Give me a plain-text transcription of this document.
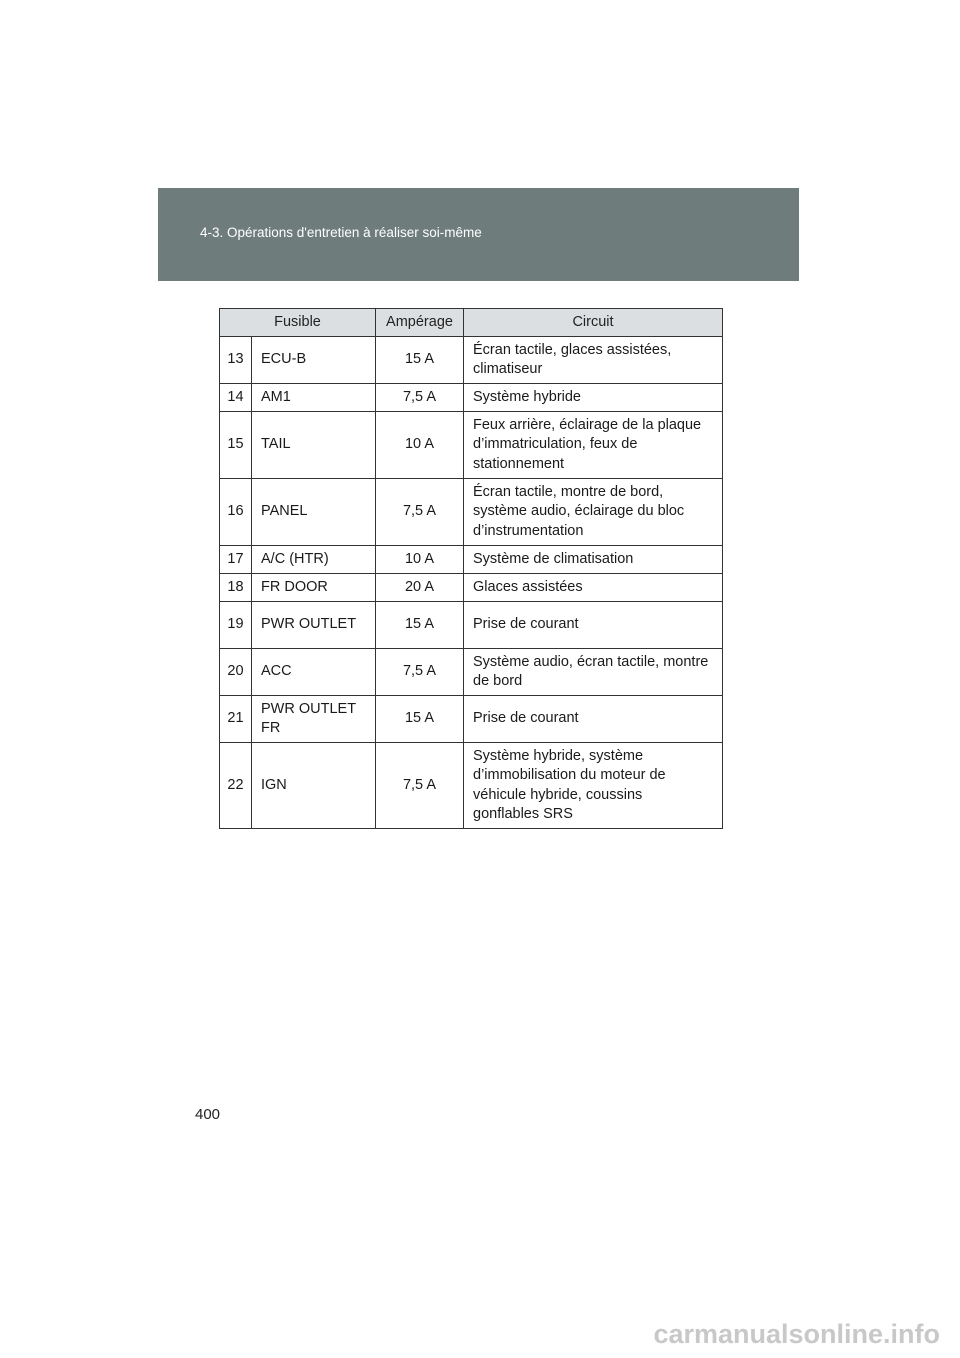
4-3. Opérations d'entretien à réaliser soi-même
Fusible		Ampérage	Circuit
13	ECU-B	15 A	Écran tactile, glaces assistées, climatiseur
14	AM1	7,5 A	Système hybride
15	TAIL	10 A	Feux arrière, éclairage de la plaque d’immatriculation, feux de stationnement
16	PANEL	7,5 A	Écran tactile, montre de bord, système audio, éclairage du bloc d’instrumentation
17	A/C (HTR)	10 A	Système de climatisation
18	FR DOOR	20 A	Glaces assistées
19	PWR OUTLET	15 A	Prise de courant
20	ACC	7,5 A	Système audio, écran tactile, montre de bord
21	PWR OUTLET FR	15 A	Prise de courant
22	IGN	7,5 A	Système hybride, système d’immobilisation du moteur de véhicule hybride, coussins gonflables SRS
400
carmanualsonline.info
